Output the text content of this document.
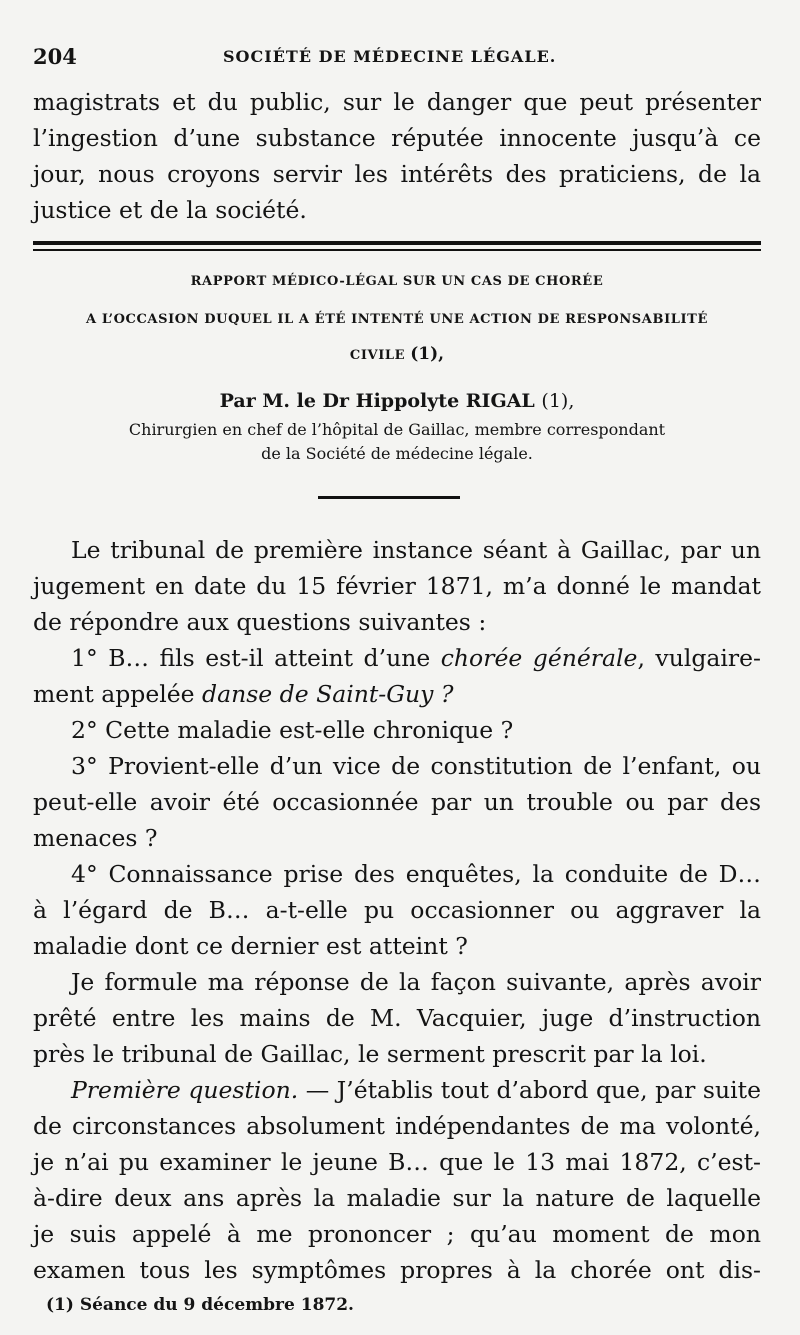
204	SOCIÉTÉ DE MÉDECINE LÉGALE.

magistrats et du public, sur le danger que peut présenter
l’ingestion d’une substance réputée innocente jusqu’à ce
jour, nous croyons servir les intérêts des praticiens, de la
justice et de la société.

RAPPORT MÉDICO-LÉGAL SUR UN CAS DE CHORÉE
A L’OCCASION DUQUEL IL A ÉTÉ INTENTÉ UNE ACTION DE RESPONSABILITÉ
CIVILE (1),
Par M. le Dr Hippolyte RIGAL (1),
Chirurgien en chef de l’hôpital de Gaillac, membre correspondant
de la Société de médecine légale.

Le tribunal de première instance séant à Gaillac, par un
jugement en date du 15 février 1871, m’a donné le mandat
de répondre aux questions suivantes :

1° B… fils est-il atteint d’une chorée générale, vulgaire-
ment appelée danse de Saint-Guy ?

2° Cette maladie est-elle chronique ?

3° Provient-elle d’un vice de constitution de l’enfant, ou
peut-elle avoir été occasionnée par un trouble ou par des
menaces ?

4° Connaissance prise des enquêtes, la conduite de D…
à l’égard de B… a-t-elle pu occasionner ou aggraver la
maladie dont ce dernier est atteint ?

Je formule ma réponse de la façon suivante, après avoir
prêté entre les mains de M. Vacquier, juge d’instruction
près le tribunal de Gaillac, le serment prescrit par la loi.

Première question. — J’établis tout d’abord que, par suite
de circonstances absolument indépendantes de ma volonté,
je n’ai pu examiner le jeune B… que le 13 mai 1872, c’est-
à-dire deux ans après la maladie sur la nature de laquelle
je suis appelé à me prononcer ; qu’au moment de mon
examen tous les symptômes propres à la chorée ont dis-

(1) Séance du 9 décembre 1872.
